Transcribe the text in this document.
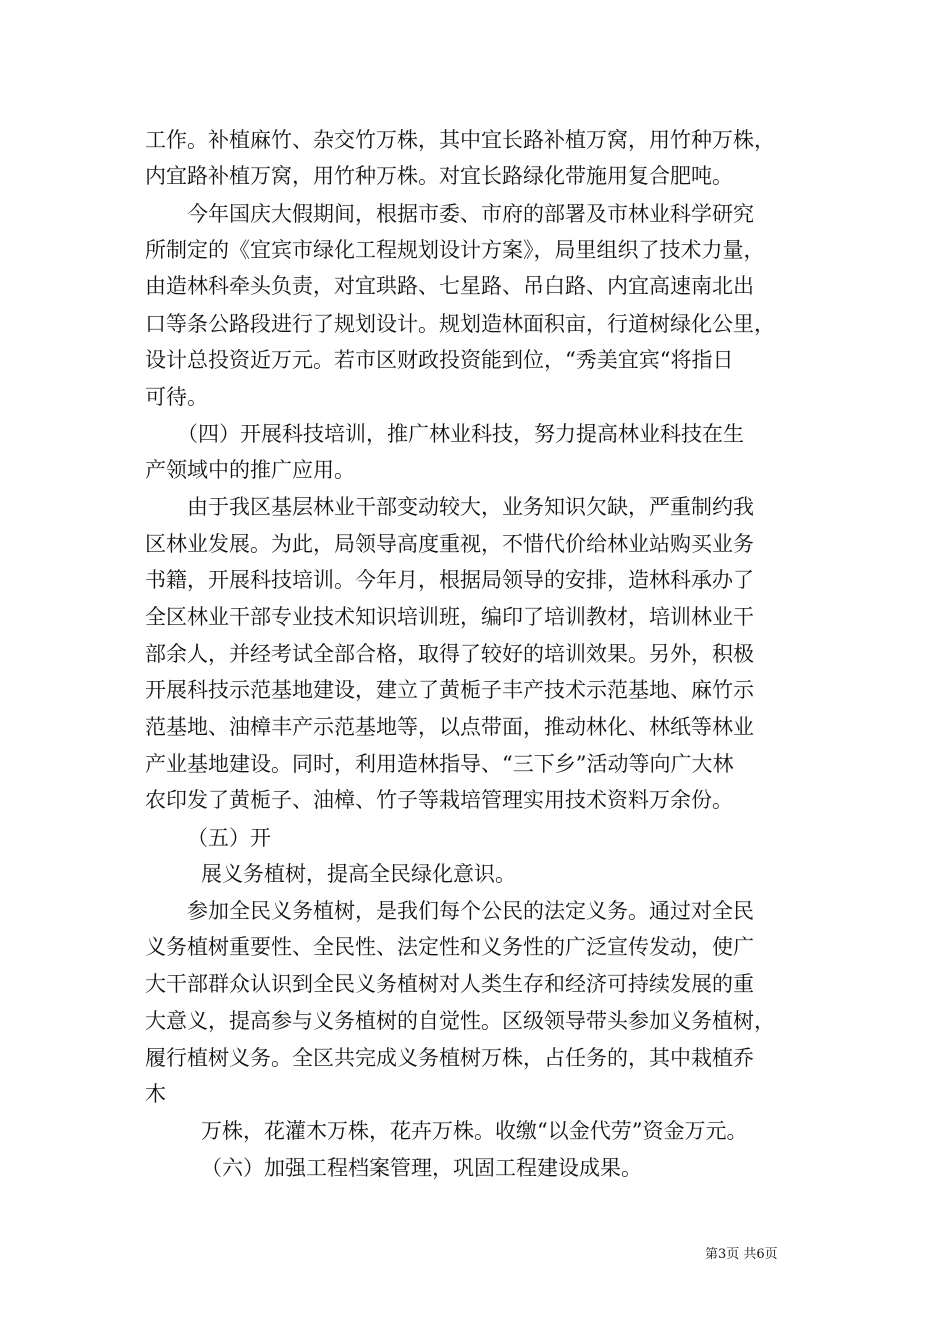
工作。补植麻竹、杂交竹万株，其中宜长路补植万窝，用竹种万株，
内宜路补植万窝，用竹种万株。对宜长路绿化带施用复合肥吨。
今年国庆大假期间，根据市委、市府的部署及市林业科学研究
所制定的《宜宾市绿化工程规划设计方案》，局里组织了技术力量，
由造林科牵头负责，对宜珙路、七星路、吊白路、内宜高速南北出
口等条公路段进行了规划设计。规划造林面积亩，行道树绿化公里，
设计总投资近万元。若市区财政投资能到位，“秀美宜宾“将指日
可待。
（四）开展科技培训，推广林业科技，努力提高林业科技在生
产领域中的推广应用。
由于我区基层林业干部变动较大，业务知识欠缺，严重制约我
区林业发展。为此，局领导高度重视，不惜代价给林业站购买业务
书籍，开展科技培训。今年月，根据局领导的安排，造林科承办了
全区林业干部专业技术知识培训班，编印了培训教材，培训林业干
部余人，并经考试全部合格，取得了较好的培训效果。另外，积极
开展科技示范基地建设，建立了黄栀子丰产技术示范基地、麻竹示
范基地、油樟丰产示范基地等，以点带面，推动林化、林纸等林业
产业基地建设。同时，利用造林指导、“三下乡”活动等向广大林
农印发了黄栀子、油樟、竹子等栽培管理实用技术资料万余份。
（五）开
展义务植树，提高全民绿化意识。
参加全民义务植树，是我们每个公民的法定义务。通过对全民
义务植树重要性、全民性、法定性和义务性的广泛宣传发动，使广
大干部群众认识到全民义务植树对人类生存和经济可持续发展的重
大意义，提高参与义务植树的自觉性。区级领导带头参加义务植树，
履行植树义务。全区共完成义务植树万株，占任务的，其中栽植乔
木
万株，花灌木万株，花卉万株。收缴“以金代劳”资金万元。
（六）加强工程档案管理，巩固工程建设成果。
第3页 共6页
